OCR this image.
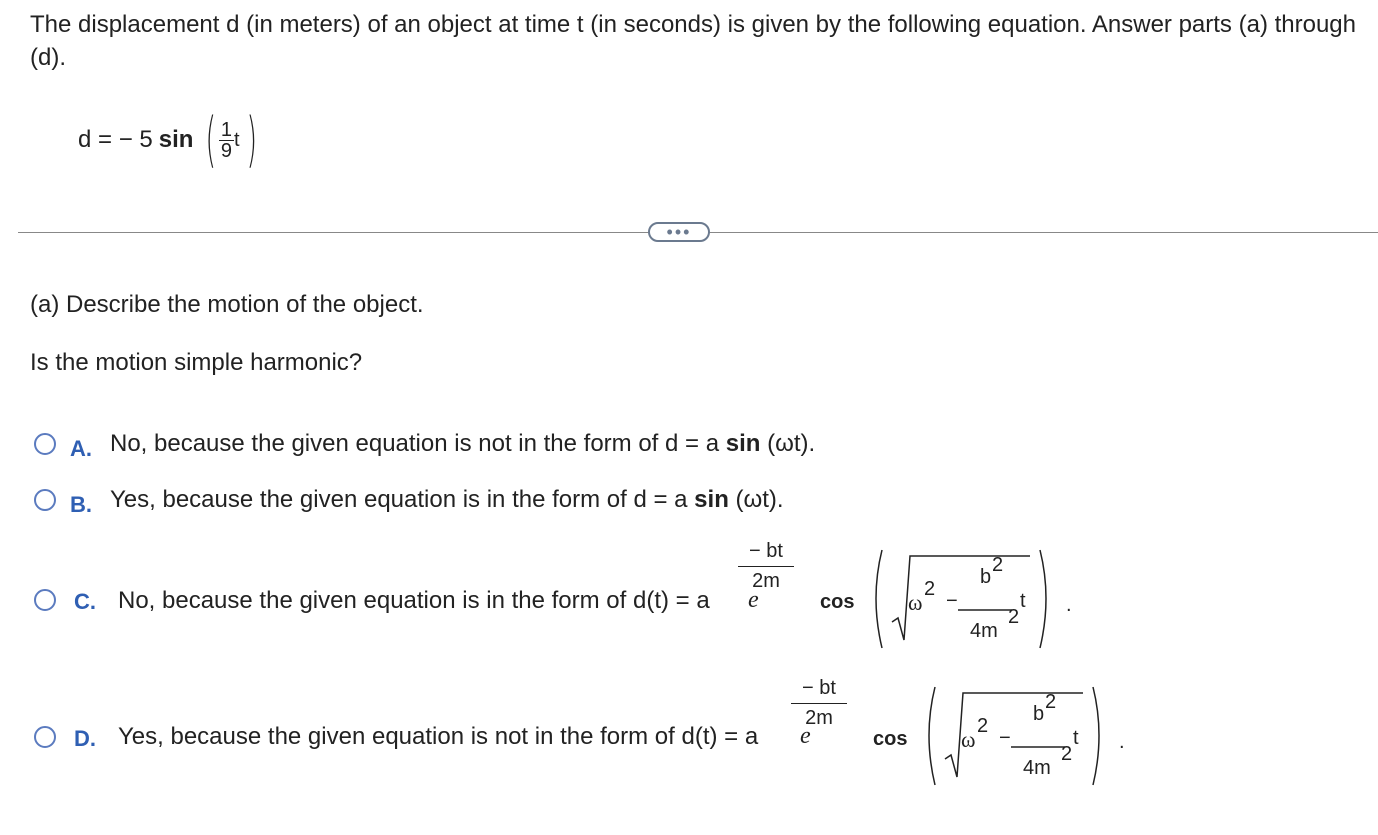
The displacement d (in meters) of an object at time t (in seconds) is given by the following equation. Answer parts (a) through (d).
d = − 5 sin ( $\frac{1}{9}$ t )
•••
(a) Describe the motion of the object.
Is the motion simple harmonic?
A. No, because the given equation is not in the form of d = a sin (ωt).
B. Yes, because the given equation is in the form of d = a sin (ωt).
C. No, because the given equation is in the form of d(t) = a e
− bt
2m
cos ω
2
−
b
2
4m
2
t .
D. Yes, because the given equation is not in the form of d(t) = a e
− bt
2m
cos ω
2
−
b
2
4m
2
t .
